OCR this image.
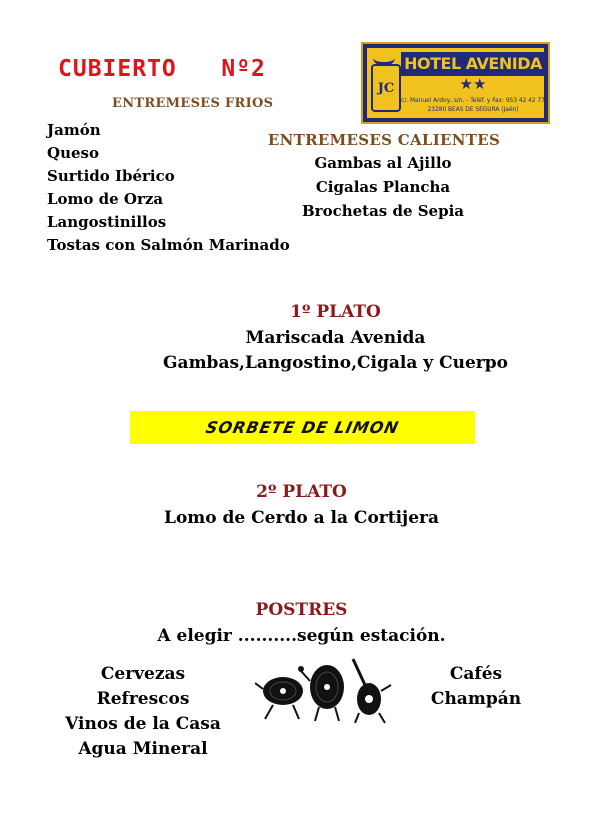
CUBIERTO   Nº2
JC
HOTEL AVENIDA
★★
c/. Manuel Ardoy, s/n. - Teléf. y Fax: 953 42 42 77
23280 BEAS DE SEGURA (Jaén)
ENTREMESES FRIOS
Jamón
Queso
Surtido Ibérico
Lomo de Orza
Langostinillos
Tostas con Salmón Marinado
ENTREMESES CALIENTES
Gambas al Ajillo
Cigalas Plancha
Brochetas de Sepia
1º PLATO
Mariscada Avenida
Gambas,Langostino,Cigala y Cuerpo
SORBETE DE LIMON
2º PLATO
Lomo de Cerdo a la Cortijera
POSTRES
A elegir ..........según estación.
Cervezas
Refrescos
Vinos de la Casa
Agua Mineral
Cafés
Champán
